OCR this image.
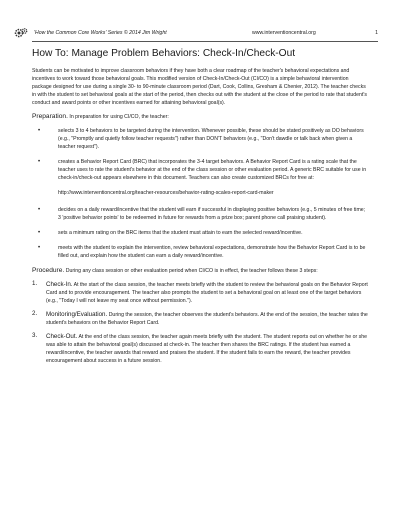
'How the Common Core Works' Series © 2014 Jim Wright	www.interventioncentral.org	1
How To: Manage Problem Behaviors: Check-In/Check-Out

Students can be motivated to improve classroom behaviors if they have both a clear roadmap of the teacher's behavioral expectations and incentives to work toward those behavioral goals. This modified version of Check-In/Check-Out (CI/CO) is a simple behavioral intervention package designed for use during a single 30- to 90-minute classroom period (Dart, Cook, Collins, Gresham & Chenier, 2012). The teacher checks in with the student to set behavioral goals at the start of the period, then checks out with the student at the close of the period to rate that student's conduct and award points or other incentives earned for attaining behavioral goal(s).

Preparation. In preparation for using CI/CO, the teacher:

• selects 3 to 4 behaviors to be targeted during the intervention. Whenever possible, these should be stated positively as DO behaviors (e.g., "Promptly and quietly follow teacher requests") rather than DON'T behaviors (e.g., "Don't dawdle or talk back when given a teacher request").
• creates a Behavior Report Card (BRC) that incorporates the 3-4 target behaviors. A Behavior Report Card is a rating scale that the teacher uses to rate the student's behavior at the end of the class session or other evaluation period. A generic BRC suitable for use in check-in/check-out appears elsewhere in this document. Teachers can also create customized BRCs for free at:
http://www.interventioncentral.org/teacher-resources/behavior-rating-scales-report-card-maker
• decides on a daily reward/incentive that the student will earn if successful in displaying positive behaviors (e.g., 5 minutes of free time; 3 'positive behavior points' to be redeemed in future for rewards from a prize box; parent phone call praising student).
• sets a minimum rating on the BRC items that the student must attain to earn the selected reward/incentive.
• meets with the student to explain the intervention, review behavioral expectations, demonstrate how the Behavior Report Card is to be filled out, and explain how the student can earn a daily reward/incentive.

Procedure. During any class session or other evaluation period when CI/CO is in effect, the teacher follows these 3 steps:

1. Check-In. At the start of the class session, the teacher meets briefly with the student to review the behavioral goals on the Behavior Report Card and to provide encouragement. The teacher also prompts the student to set a behavioral goal on at least one of the target behaviors (e.g., "Today I will not leave my seat once without permission.").
2. Monitoring/Evaluation. During the session, the teacher observes the student's behaviors. At the end of the session, the teacher rates the student's behaviors on the Behavior Report Card.
3. Check-Out. At the end of the class session, the teacher again meets briefly with the student. The student reports out on whether he or she was able to attain the behavioral goal(s) discussed at check-in. The teacher then shares the BRC ratings. If the student has earned a reward/incentive, the teacher awards that reward and praises the student. If the student fails to earn the reward, the teacher provides encouragement about success in a future session.
